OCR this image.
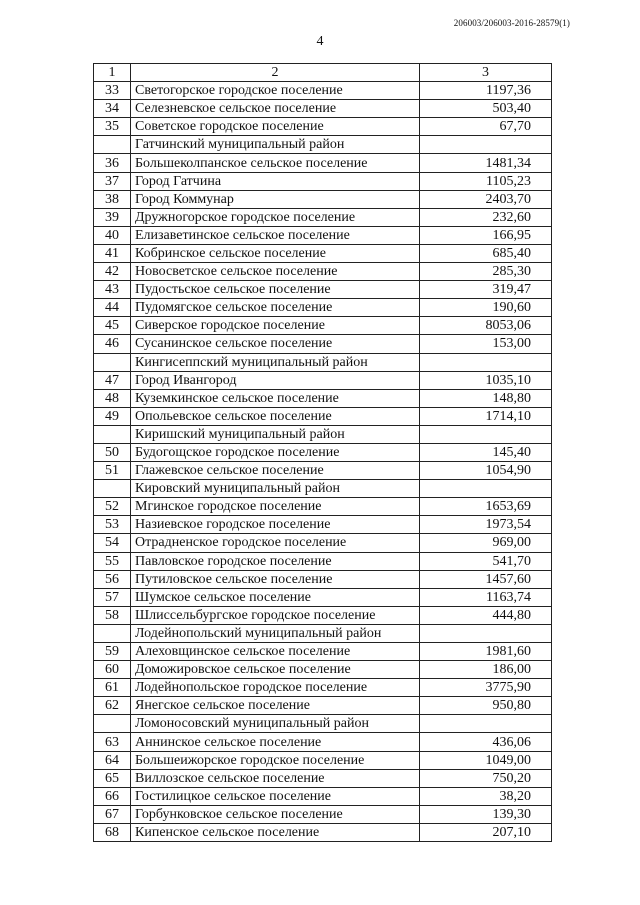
206003/206003-2016-28579(1)
4
1	2	3
33	Светогорское городское поселение	1197,36
34	Селезневское сельское поселение	503,40
35	Советское городское поселение	67,70
	Гатчинский муниципальный район	
36	Большеколпанское сельское поселение	1481,34
37	Город Гатчина	1105,23
38	Город Коммунар	2403,70
39	Дружногорское городское поселение	232,60
40	Елизаветинское сельское поселение	166,95
41	Кобринское сельское поселение	685,40
42	Новосветское сельское поселение	285,30
43	Пудостьское сельское поселение	319,47
44	Пудомягское сельское поселение	190,60
45	Сиверское городское поселение	8053,06
46	Сусанинское сельское поселение	153,00
	Кингисеппский муниципальный район	
47	Город Ивангород	1035,10
48	Куземкинское сельское поселение	148,80
49	Опольевское сельское поселение	1714,10
	Киришский муниципальный район	
50	Будогощское городское поселение	145,40
51	Глажевское сельское поселение	1054,90
	Кировский муниципальный район	
52	Мгинское городское поселение	1653,69
53	Назиевское городское поселение	1973,54
54	Отрадненское городское поселение	969,00
55	Павловское городское поселение	541,70
56	Путиловское сельское поселение	1457,60
57	Шумское сельское поселение	1163,74
58	Шлиссельбургское городское поселение	444,80
	Лодейнопольский муниципальный район	
59	Алеховщинское сельское поселение	1981,60
60	Доможировское сельское поселение	186,00
61	Лодейнопольское городское поселение	3775,90
62	Янегское сельское поселение	950,80
	Ломоносовский муниципальный район	
63	Аннинское сельское поселение	436,06
64	Большеижорское городское поселение	1049,00
65	Виллозское сельское поселение	750,20
66	Гостилицкое сельское поселение	38,20
67	Горбунковское сельское поселение	139,30
68	Кипенское сельское поселение	207,10
